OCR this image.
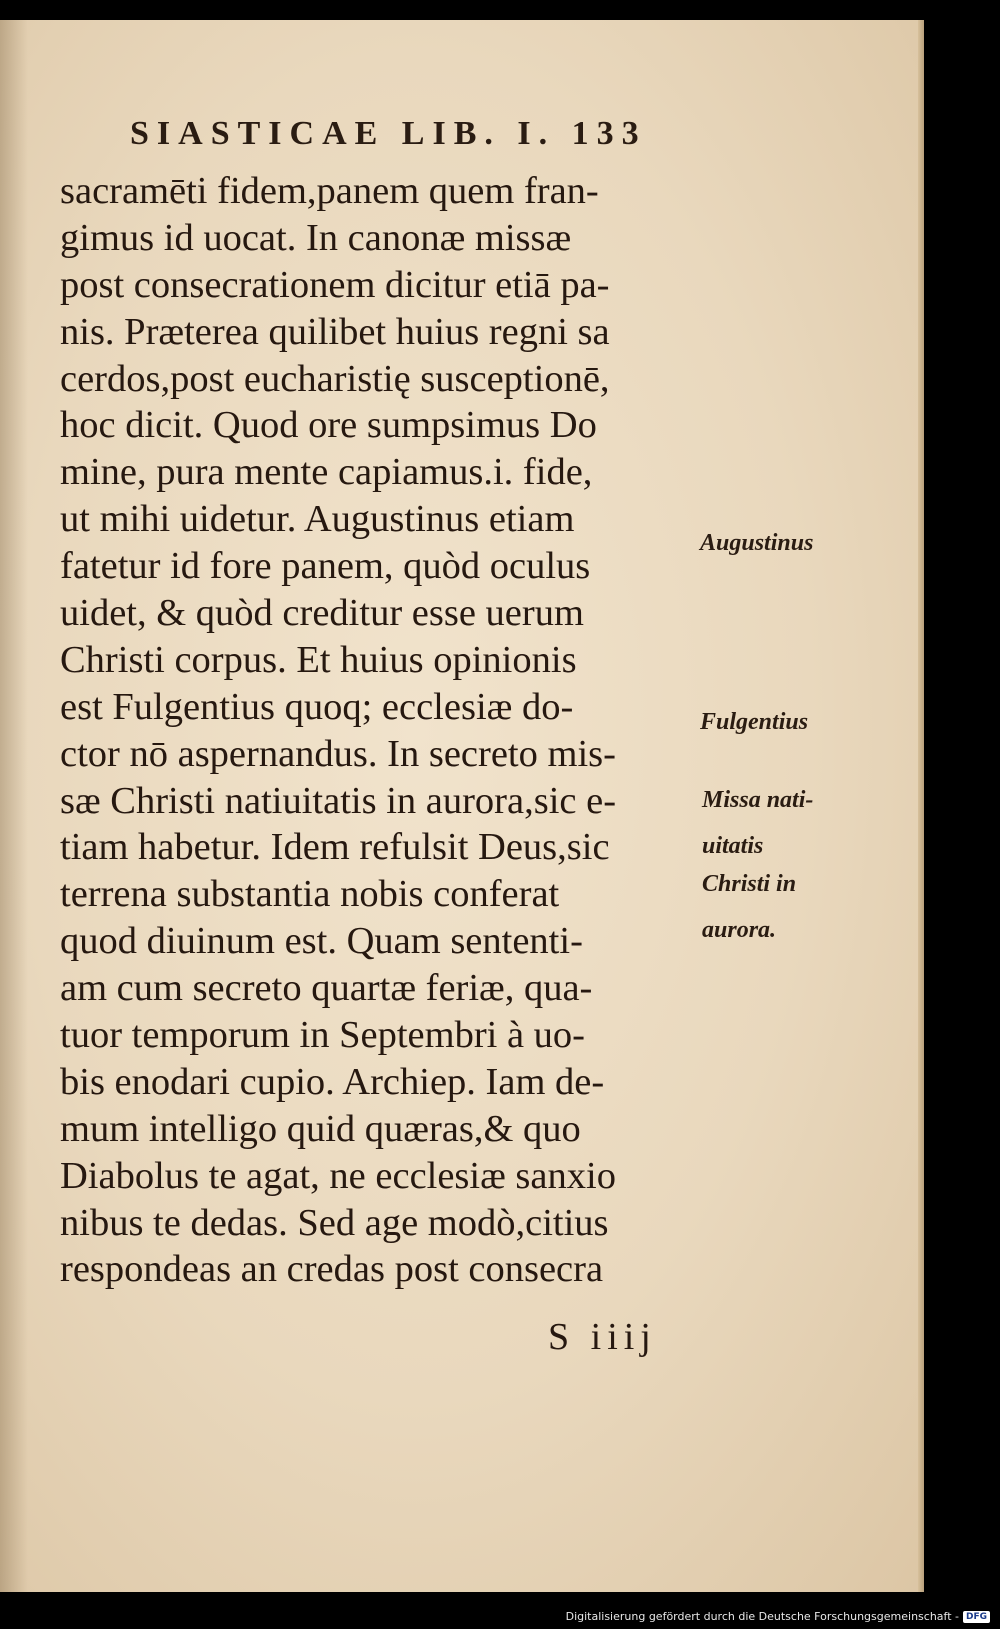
SIASTICAE LIB. I. 133
sacramēti fidem,panem quem fran-
gimus id uocat. In canonæ missæ
post consecrationem dicitur etiā pa-
nis. Præterea quilibet huius regni sa
cerdos,post eucharistię susceptionē,
hoc dicit. Quod ore sumpsimus Do
mine, pura mente capiamus.i. fide,
ut mihi uidetur. Augustinus etiam
fatetur id fore panem, quòd oculus
uidet, & quòd creditur esse uerum
Christi corpus. Et huius opinionis
est Fulgentius quoq; ecclesiæ do-
ctor nō aspernandus. In secreto mis-
sæ Christi natiuitatis in aurora,sic e-
tiam habetur. Idem refulsit Deus,sic
terrena substantia nobis conferat
quod diuinum est. Quam sententi-
am cum secreto quartæ feriæ, qua-
tuor temporum in Septembri à uo-
bis enodari cupio. Archiep. Iam de-
mum intelligo quid quæras,& quo
Diabolus te agat, ne ecclesiæ sanxio
nibus te dedas. Sed age modò,citius
respondeas an credas post consecra
S iiij
Augustinus
Fulgentius
Missa nati-
uitatis
Christi in
aurora.
Digitalisierung gefördert durch die Deutsche Forschungsgemeinschaft - DFG
